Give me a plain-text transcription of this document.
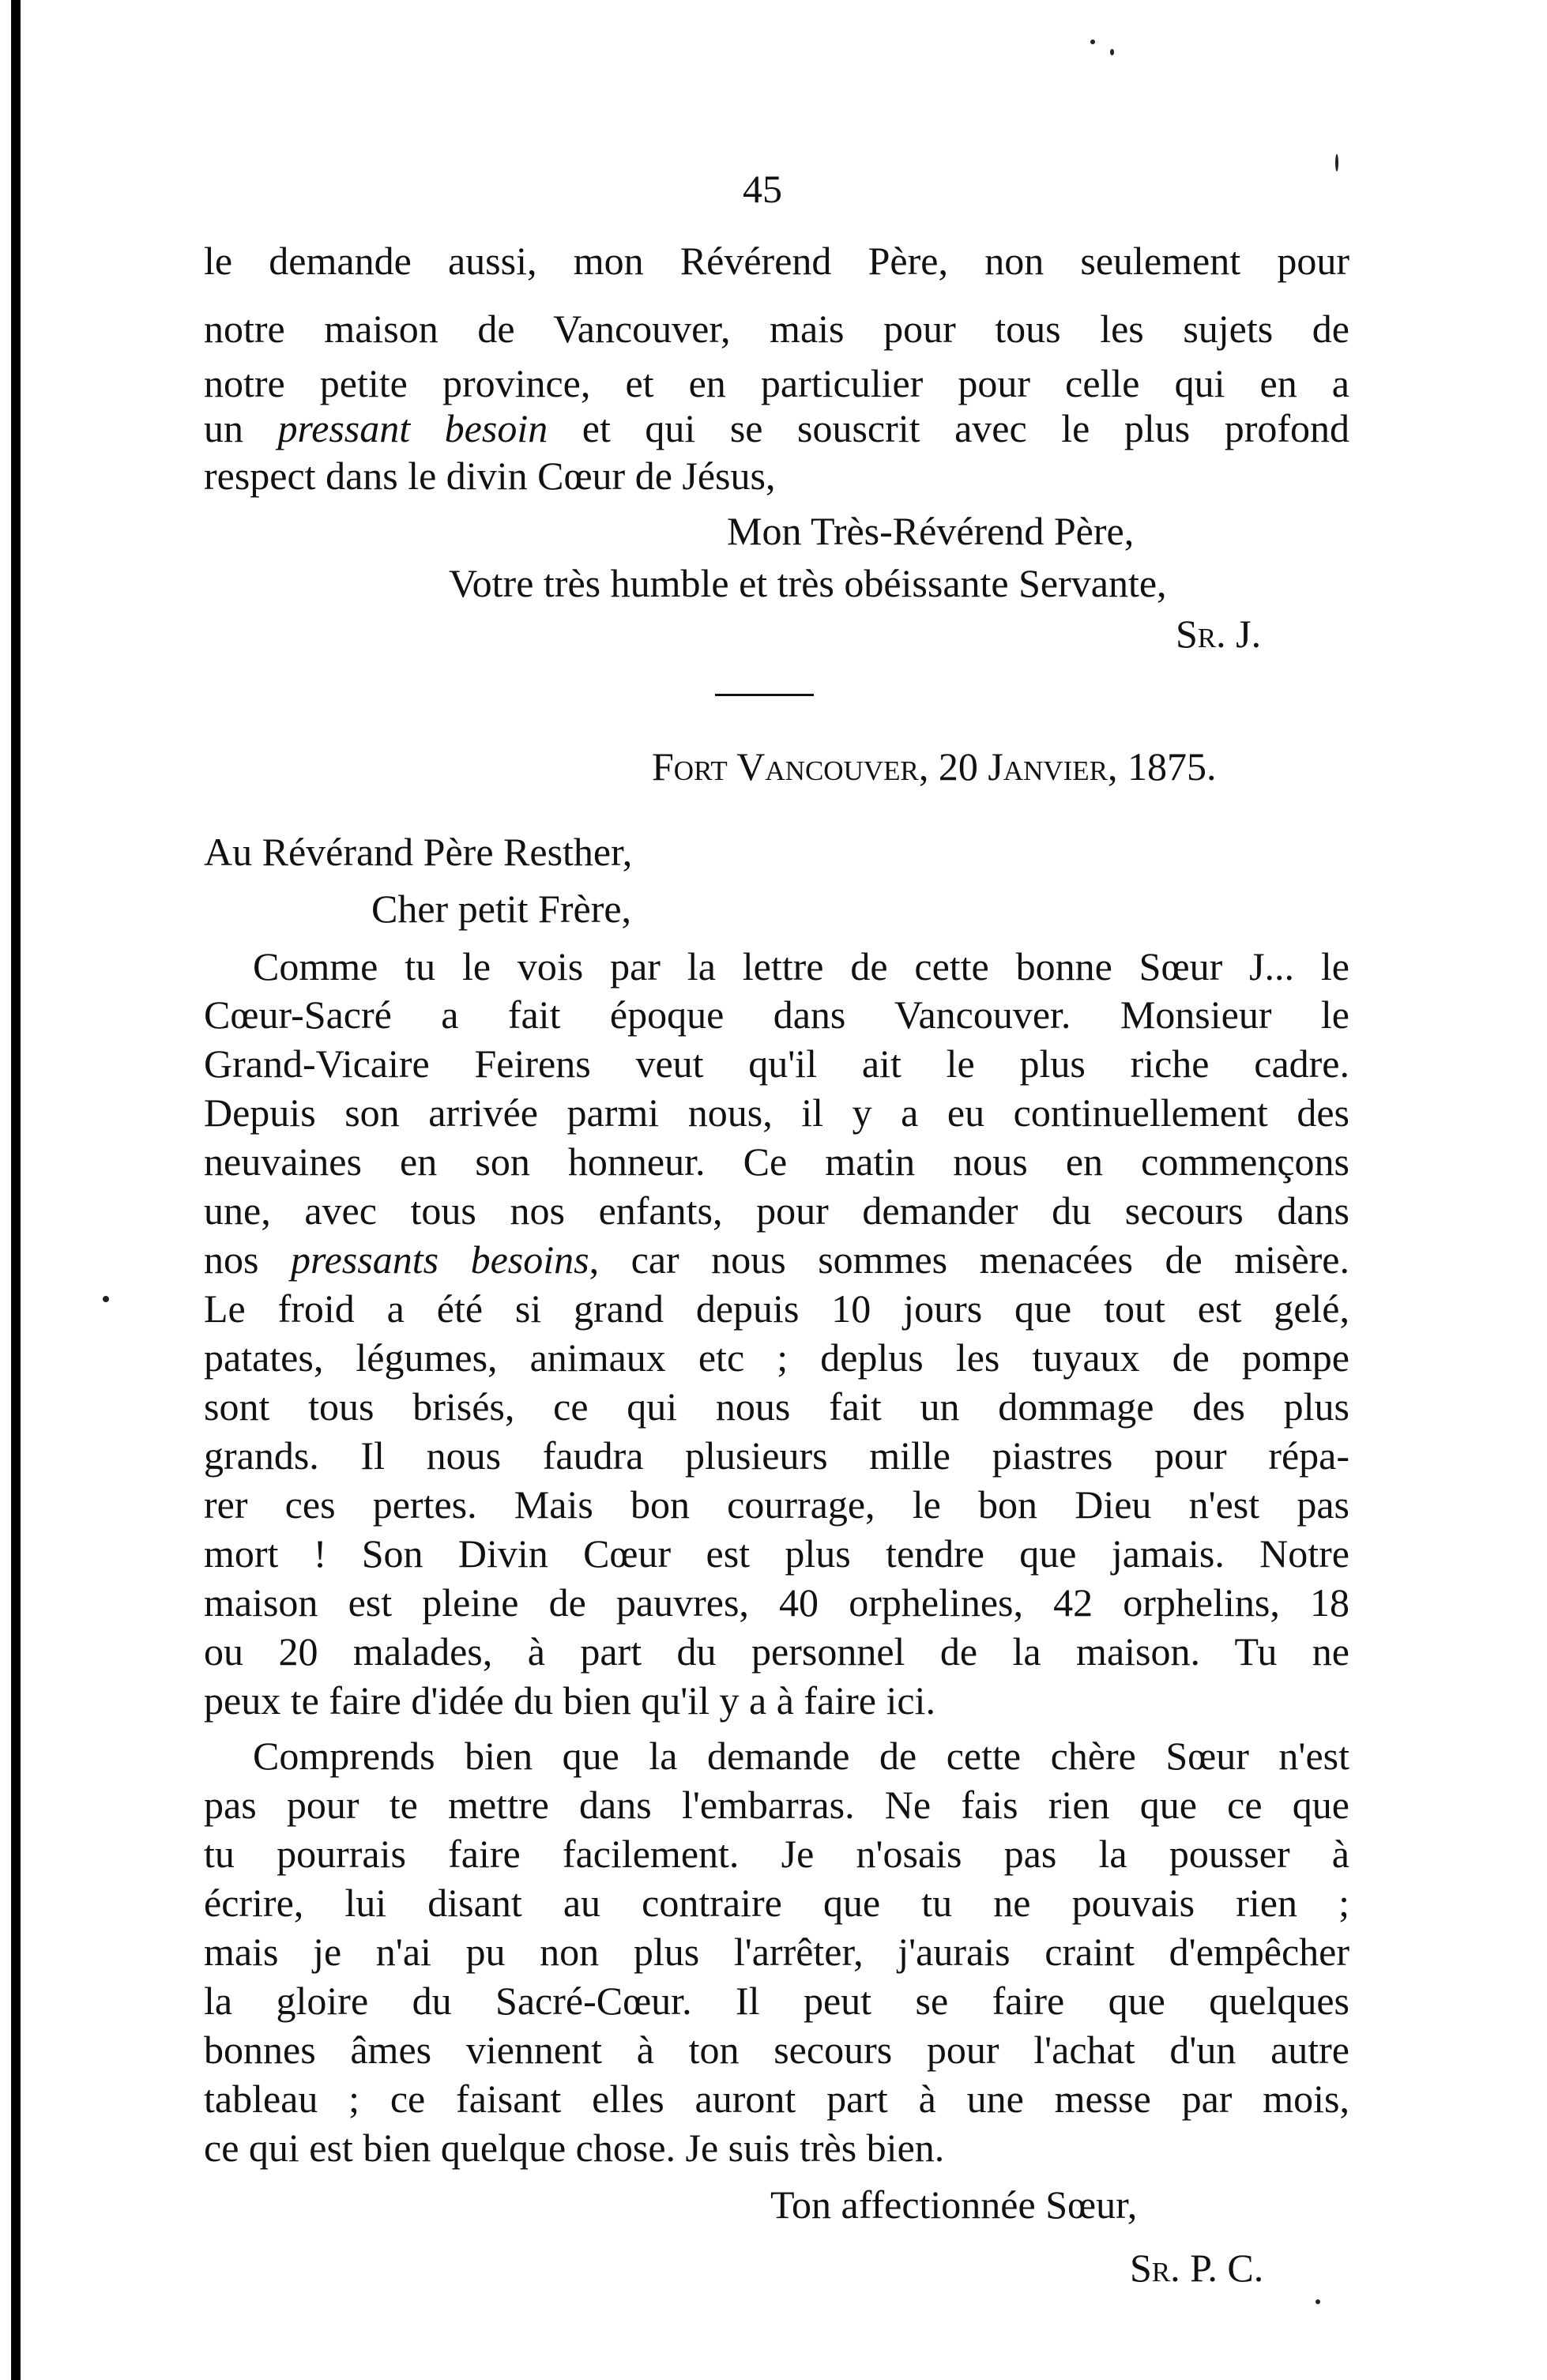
45
le demande aussi, mon Révérend Père, non seulement pour
notre maison de Vancouver, mais pour tous les sujets de
notre petite province, et en particulier pour celle qui en a
un pressant besoin et qui se souscrit avec le plus profond
respect dans le divin Cœur de Jésus,
Mon Très-Révérend Père,
Votre très humble et très obéissante Servante,
Sr. J.
Fort Vancouver, 20 Janvier, 1875.
Au Révérand Père Resther,
Cher petit Frère,
Comme tu le vois par la lettre de cette bonne Sœur J... le
Cœur-Sacré a fait époque dans Vancouver. Monsieur le
Grand-Vicaire Feirens veut qu'il ait le plus riche cadre.
Depuis son arrivée parmi nous, il y a eu continuellement des
neuvaines en son honneur. Ce matin nous en commençons
une, avec tous nos enfants, pour demander du secours dans
nos pressants besoins, car nous sommes menacées de misère.
Le froid a été si grand depuis 10 jours que tout est gelé,
patates, légumes, animaux etc ; deplus les tuyaux de pompe
sont tous brisés, ce qui nous fait un dommage des plus
grands. Il nous faudra plusieurs mille piastres pour répa-
rer ces pertes. Mais bon courrage, le bon Dieu n'est pas
mort ! Son Divin Cœur est plus tendre que jamais. Notre
maison est pleine de pauvres, 40 orphelines, 42 orphelins, 18
ou 20 malades, à part du personnel de la maison. Tu ne
peux te faire d'idée du bien qu'il y a à faire ici.
Comprends bien que la demande de cette chère Sœur n'est
pas pour te mettre dans l'embarras. Ne fais rien que ce que
tu pourrais faire facilement. Je n'osais pas la pousser à
écrire, lui disant au contraire que tu ne pouvais rien ;
mais je n'ai pu non plus l'arrêter, j'aurais craint d'empêcher
la gloire du Sacré-Cœur. Il peut se faire que quelques
bonnes âmes viennent à ton secours pour l'achat d'un autre
tableau ; ce faisant elles auront part à une messe par mois,
ce qui est bien quelque chose. Je suis très bien.
Ton affectionnée Sœur,
Sr. P. C.
